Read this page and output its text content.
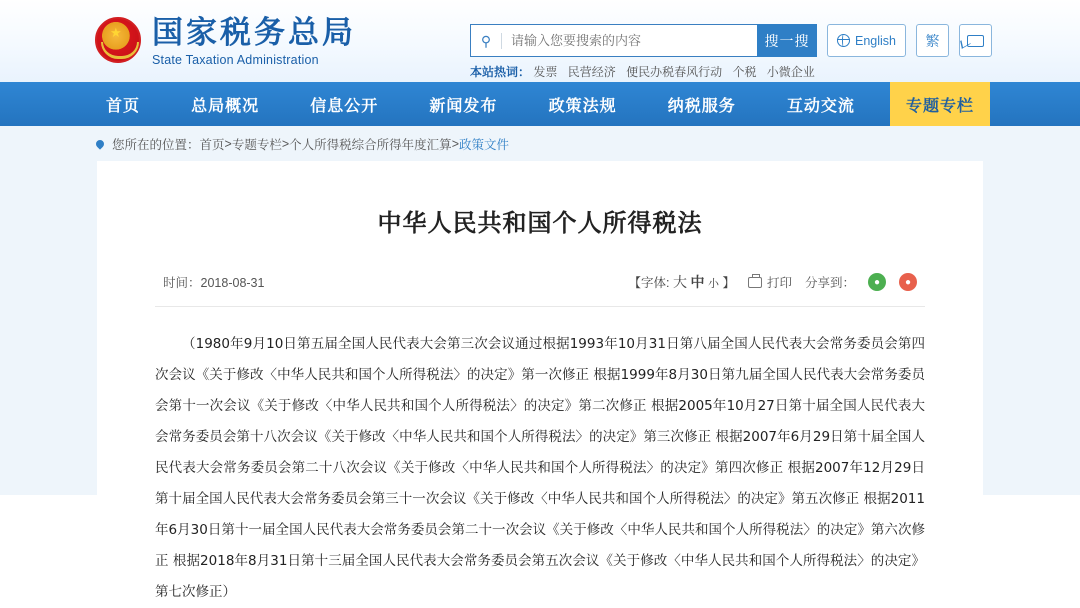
★ 国家税务总局
State Taxation Administration
⚲
请输入您要搜索的内容	搜一搜
本站热词： 发票 民营经济 便民办税春风行动 个税 小微企业
English	繁
首页	总局概况	信息公开	新闻发布	政策法规	纳税服务	互动交流	专题专栏
您所在的位置： 首页 > 专题专栏 > 个人所得税综合所得年度汇算 > 政策文件
中华人民共和国个人所得税法
时间：2018-08-31	【字体: 大 中 小 】	打印 分享到：	●	●
（1980年9月10日第五届全国人民代表大会第三次会议通过根据1993年10月31日第八届全国人民代表大会常务委员会第四次会议《关于修改〈中华人民共和国个人所得税法〉的决定》第一次修正 根据1999年8月30日第九届全国人民代表大会常务委员会第十一次会议《关于修改〈中华人民共和国个人所得税法〉的决定》第二次修正 根据2005年10月27日第十届全国人民代表大会常务委员会第十八次会议《关于修改〈中华人民共和国个人所得税法〉的决定》第三次修正 根据2007年6月29日第十届全国人民代表大会常务委员会第二十八次会议《关于修改〈中华人民共和国个人所得税法〉的决定》第四次修正 根据2007年12月29日第十届全国人民代表大会常务委员会第三十一次会议《关于修改〈中华人民共和国个人所得税法〉的决定》第五次修正 根据2011年6月30日第十一届全国人民代表大会常务委员会第二十一次会议《关于修改〈中华人民共和国个人所得税法〉的决定》第六次修正 根据2018年8月31日第十三届全国人民代表大会常务委员会第五次会议《关于修改〈中华人民共和国个人所得税法〉的决定》第七次修正）
